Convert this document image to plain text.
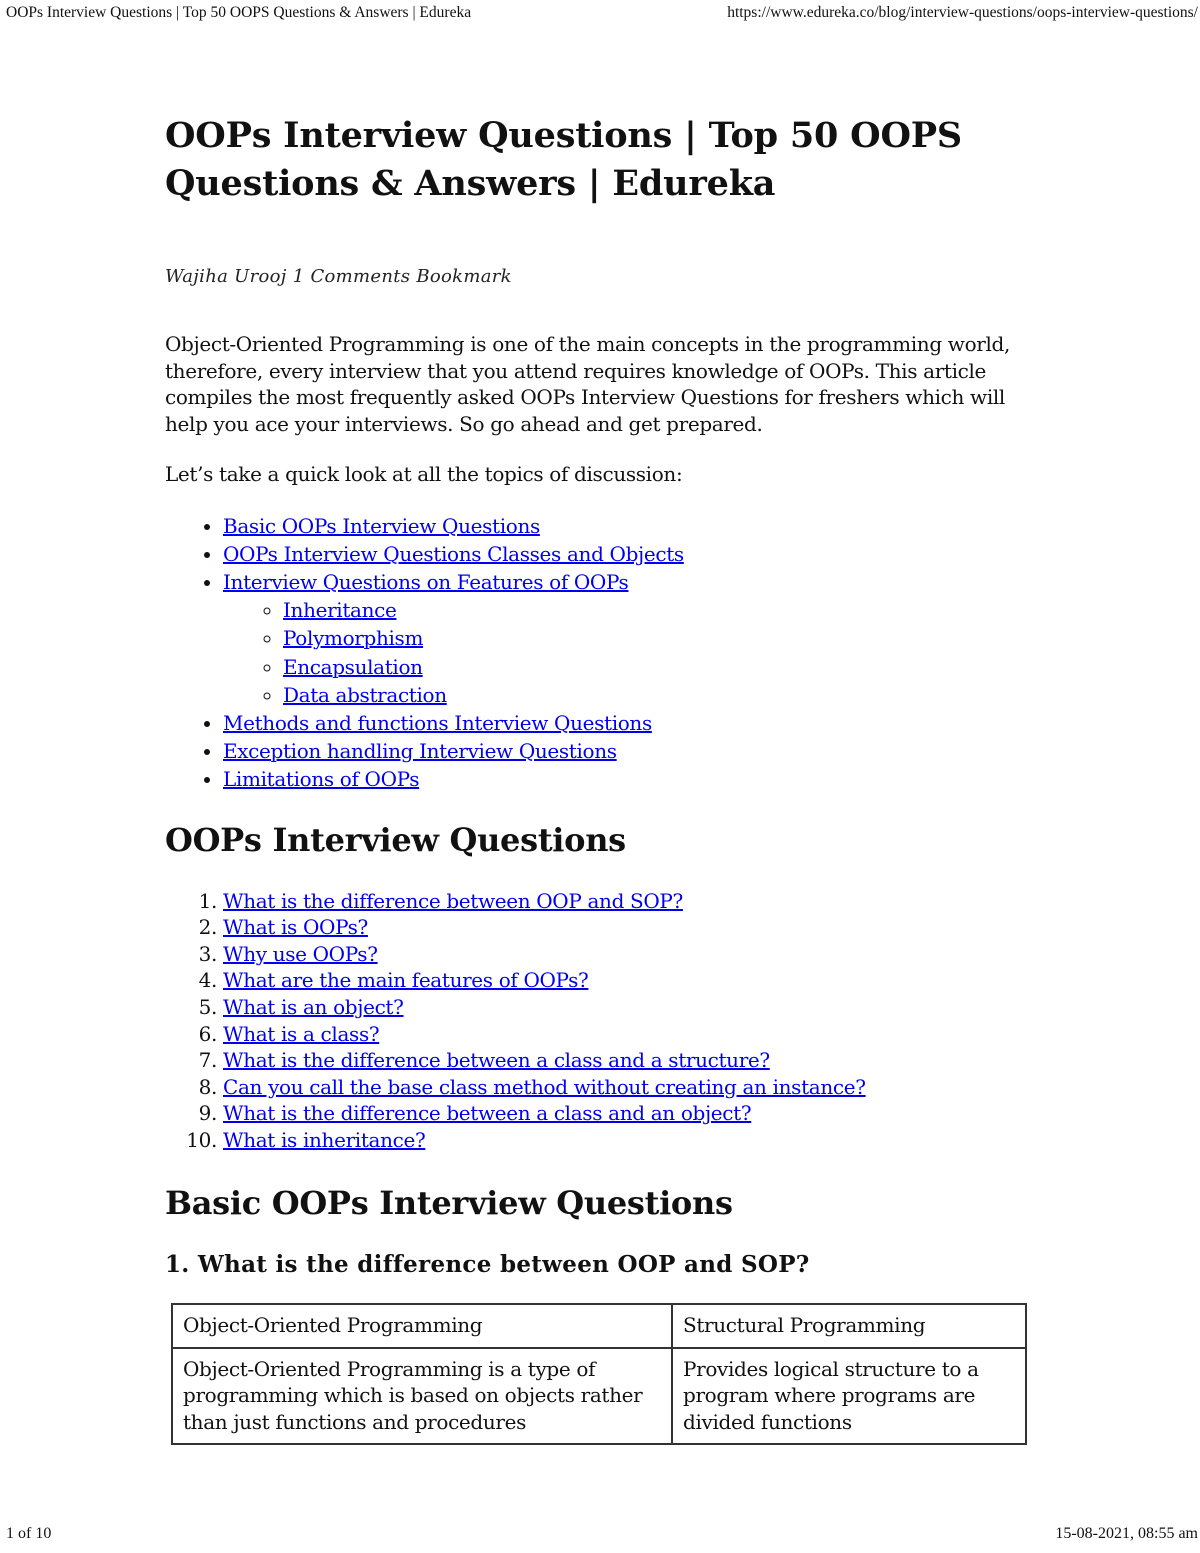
OOPs Interview Questions | Top 50 OOPS Questions & Answers | Edureka	https://www.edureka.co/blog/interview-questions/oops-interview-questions/
OOPs Interview Questions | Top 50 OOPS Questions & Answers | Edureka
Wajiha Urooj 1 Comments Bookmark

Object-Oriented Programming is one of the main concepts in the programming world, therefore, every interview that you attend requires knowledge of OOPs. This article compiles the most frequently asked OOPs Interview Questions for freshers which will help you ace your interviews. So go ahead and get prepared.

Let’s take a quick look at all the topics of discussion:

• Basic OOPs Interview Questions
• OOPs Interview Questions Classes and Objects
• Interview Questions on Features of OOPs
◦ Inheritance
◦ Polymorphism
◦ Encapsulation
◦ Data abstraction
• Methods and functions Interview Questions
• Exception handling Interview Questions
• Limitations of OOPs
OOPs Interview Questions
1. What is the difference between OOP and SOP?
2. What is OOPs?
3. Why use OOPs?
4. What are the main features of OOPs?
5. What is an object?
6. What is a class?
7. What is the difference between a class and a structure?
8. Can you call the base class method without creating an instance?
9. What is the difference between a class and an object?
10. What is inheritance?
Basic OOPs Interview Questions
1. What is the difference between OOP and SOP?
Object-Oriented Programming	Structural Programming
Object-Oriented Programming is a type of programming which is based on objects rather than just functions and procedures	Provides logical structure to a program where programs are divided functions
1 of 10	15-08-2021, 08:55 am
